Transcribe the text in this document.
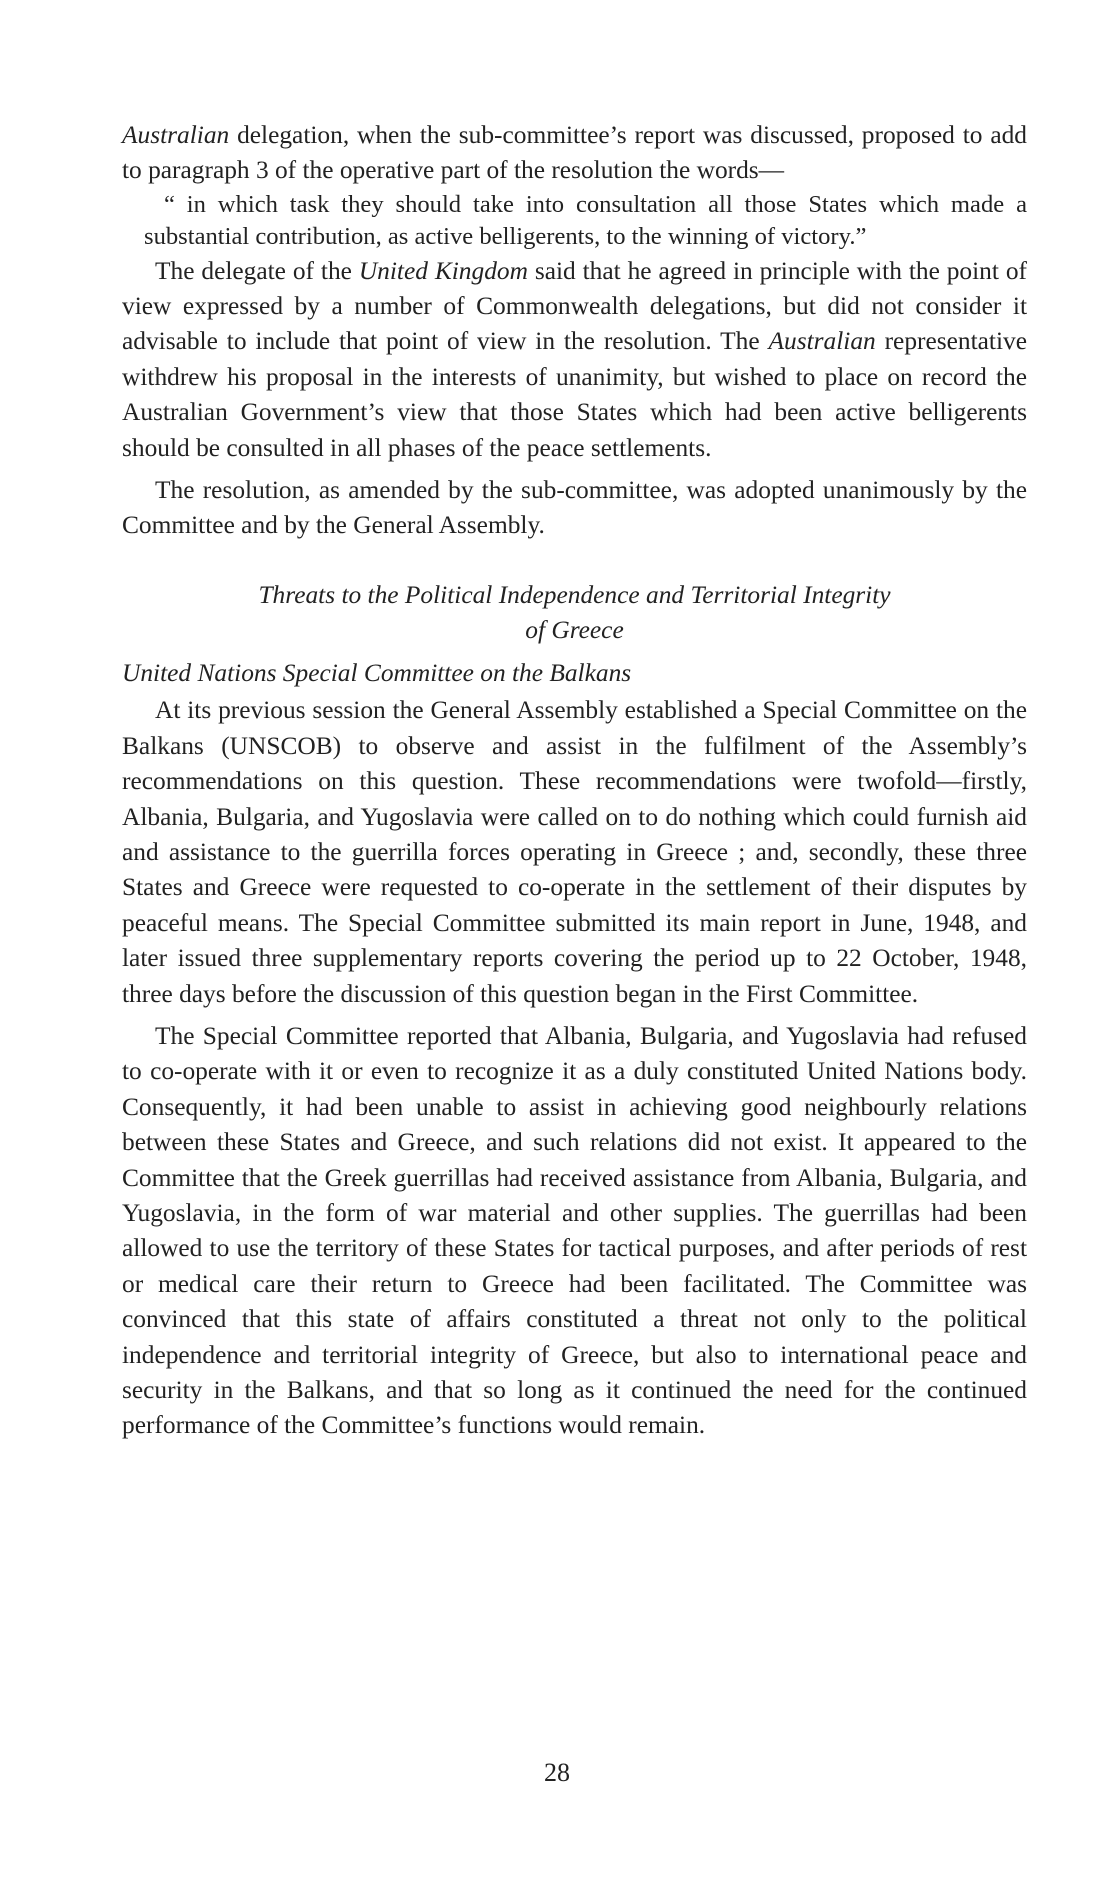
Australian delegation, when the sub-committee’s report was discussed, proposed to add to paragraph 3 of the operative part of the resolution the words—

“ in which task they should take into consultation all those States which made a substantial contribution, as active belligerents, to the winning of victory.”

The delegate of the United Kingdom said that he agreed in principle with the point of view expressed by a number of Commonwealth delegations, but did not consider it advisable to include that point of view in the resolution. The Australian representative withdrew his proposal in the interests of unanimity, but wished to place on record the Australian Government’s view that those States which had been active belligerents should be consulted in all phases of the peace settlements.

The resolution, as amended by the sub-committee, was adopted unanimously by the Committee and by the General Assembly.

Threats to the Political Independence and Territorial Integrity
of Greece

United Nations Special Committee on the Balkans

At its previous session the General Assembly established a Special Committee on the Balkans (UNSCOB) to observe and assist in the fulfilment of the Assembly’s recommendations on this question. These recommendations were twofold—firstly, Albania, Bulgaria, and Yugoslavia were called on to do nothing which could furnish aid and assistance to the guerrilla forces operating in Greece ; and, secondly, these three States and Greece were requested to co-operate in the settlement of their disputes by peaceful means. The Special Committee submitted its main report in June, 1948, and later issued three supplementary reports covering the period up to 22 October, 1948, three days before the discussion of this question began in the First Committee.

The Special Committee reported that Albania, Bulgaria, and Yugoslavia had refused to co-operate with it or even to recognize it as a duly constituted United Nations body. Consequently, it had been unable to assist in achieving good neighbourly relations between these States and Greece, and such relations did not exist. It appeared to the Committee that the Greek guerrillas had received assistance from Albania, Bulgaria, and Yugoslavia, in the form of war material and other supplies. The guerrillas had been allowed to use the territory of these States for tactical purposes, and after periods of rest or medical care their return to Greece had been facilitated. The Committee was convinced that this state of affairs constituted a threat not only to the political independence and territorial integrity of Greece, but also to international peace and security in the Balkans, and that so long as it continued the need for the continued performance of the Committee’s functions would remain.

28
